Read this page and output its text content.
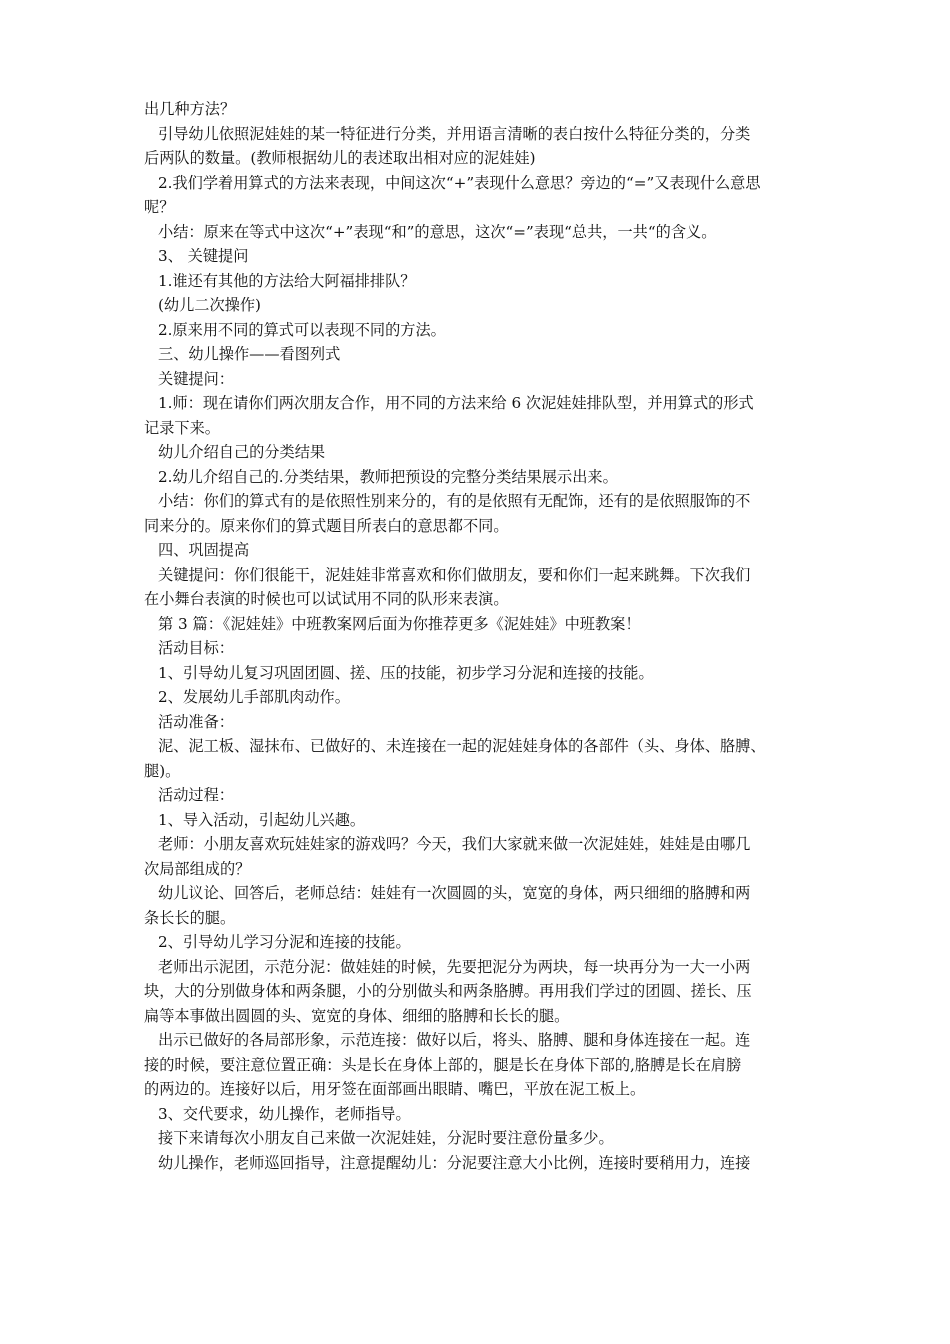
出几种方法？
引导幼儿依照泥娃娃的某一特征进行分类，并用语言清晰的表白按什么特征分类的，分类
后两队的数量。(教师根据幼儿的表述取出相对应的泥娃娃)
2.我们学着用算式的方法来表现，中间这次“+”表现什么意思？旁边的“=”又表现什么意思
呢？
小结：原来在等式中这次“+”表现“和”的意思，这次“=”表现“总共，一共“的含义。
3、 关键提问
1.谁还有其他的方法给大阿福排排队？
(幼儿二次操作)
2.原来用不同的算式可以表现不同的方法。
三、幼儿操作——看图列式
关键提问：
1.师：现在请你们两次朋友合作，用不同的方法来给 6 次泥娃娃排队型，并用算式的形式
记录下来。
幼儿介绍自己的分类结果
2.幼儿介绍自己的.分类结果，教师把预设的完整分类结果展示出来。
小结：你们的算式有的是依照性别来分的，有的是依照有无配饰，还有的是依照服饰的不
同来分的。原来你们的算式题目所表白的意思都不同。
四、巩固提高
关键提问：你们很能干，泥娃娃非常喜欢和你们做朋友，要和你们一起来跳舞。下次我们
在小舞台表演的时候也可以试试用不同的队形来表演。
第 3 篇：《泥娃娃》中班教案网后面为你推荐更多《泥娃娃》中班教案！
活动目标：
1、引导幼儿复习巩固团圆、搓、压的技能，初步学习分泥和连接的技能。
2、发展幼儿手部肌肉动作。
活动准备：
泥、泥工板、湿抹布、已做好的、未连接在一起的泥娃娃身体的各部件（头、身体、胳膊、
腿)。
活动过程：
1、导入活动，引起幼儿兴趣。
老师：小朋友喜欢玩娃娃家的游戏吗？今天，我们大家就来做一次泥娃娃，娃娃是由哪几
次局部组成的？
幼儿议论、回答后，老师总结：娃娃有一次圆圆的头，宽宽的身体，两只细细的胳膊和两
条长长的腿。
2、引导幼儿学习分泥和连接的技能。
老师出示泥团，示范分泥：做娃娃的时候，先要把泥分为两块，每一块再分为一大一小两
块，大的分别做身体和两条腿，小的分别做头和两条胳膊。再用我们学过的团圆、搓长、压
扁等本事做出圆圆的头、宽宽的身体、细细的胳膊和长长的腿。
出示已做好的各局部形象，示范连接：做好以后，将头、胳膊、腿和身体连接在一起。连
接的时候，要注意位置正确：头是长在身体上部的，腿是长在身体下部的,胳膊是长在肩膀
的两边的。连接好以后，用牙签在面部画出眼睛、嘴巴，平放在泥工板上。
3、交代要求，幼儿操作，老师指导。
接下来请每次小朋友自己来做一次泥娃娃，分泥时要注意份量多少。
幼儿操作，老师巡回指导，注意提醒幼儿：分泥要注意大小比例，连接时要稍用力，连接
